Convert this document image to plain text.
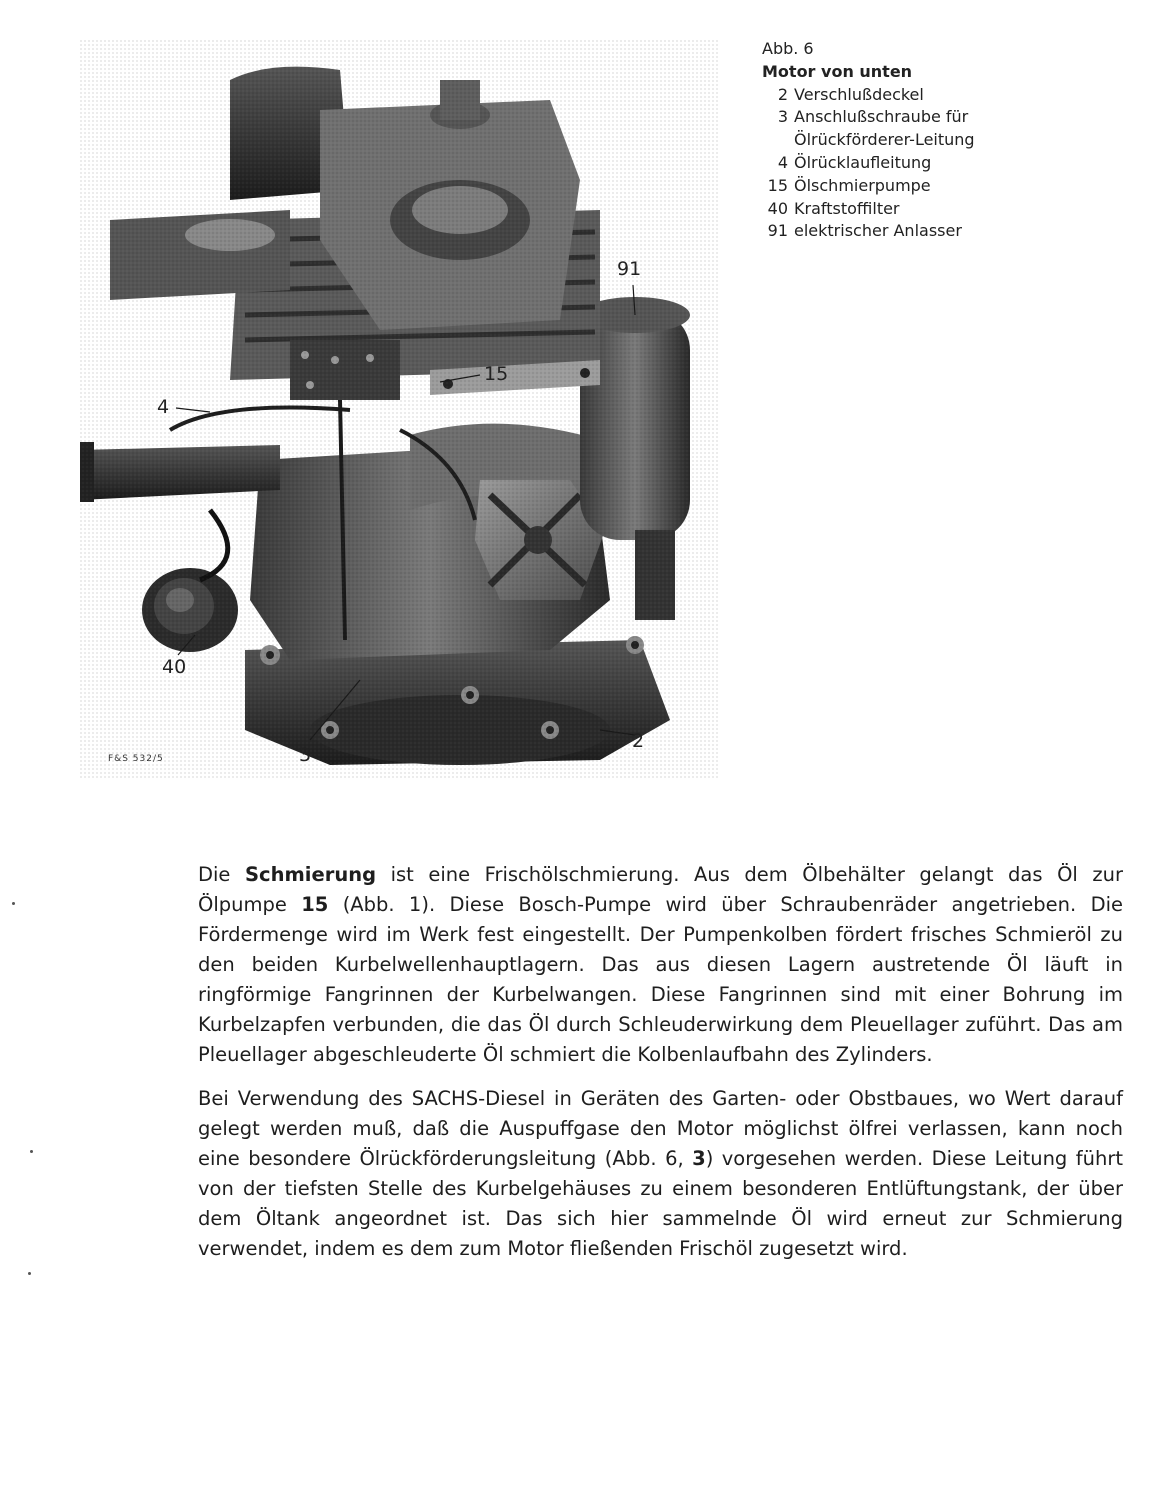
91
15
4
40
3
2
F&S 532/5
Abb. 6
Motor von unten
2 Verschlußdeckel
3 Anschlußschraube für Ölrückförderer-Leitung
4 Ölrücklaufleitung
15 Ölschmierpumpe
40 Kraftstoffilter
91 elektrischer Anlasser

Die Schmierung ist eine Frischölschmierung. Aus dem Ölbehälter gelangt das Öl zur Ölpumpe 15 (Abb. 1). Diese Bosch-Pumpe wird über Schraubenräder angetrieben. Die Fördermenge wird im Werk fest eingestellt. Der Pumpenkolben fördert frisches Schmieröl zu den beiden Kurbelwellenhauptlagern. Das aus diesen Lagern austretende Öl läuft in ringförmige Fangrinnen der Kurbelwangen. Diese Fangrinnen sind mit einer Bohrung im Kurbelzapfen verbunden, die das Öl durch Schleuderwirkung dem Pleuellager zuführt. Das am Pleuellager abgeschleuderte Öl schmiert die Kolbenlaufbahn des Zylinders.

Bei Verwendung des SACHS-Diesel in Geräten des Garten- oder Obstbaues, wo Wert darauf gelegt werden muß, daß die Auspuffgase den Motor möglichst ölfrei verlassen, kann noch eine besondere Ölrückförderungsleitung (Abb. 6, 3) vorgesehen werden. Diese Leitung führt von der tiefsten Stelle des Kurbelgehäuses zu einem besonderen Entlüftungstank, der über dem Öltank angeordnet ist. Das sich hier sammelnde Öl wird erneut zur Schmierung verwendet, indem es dem zum Motor fließenden Frischöl zugesetzt wird.
